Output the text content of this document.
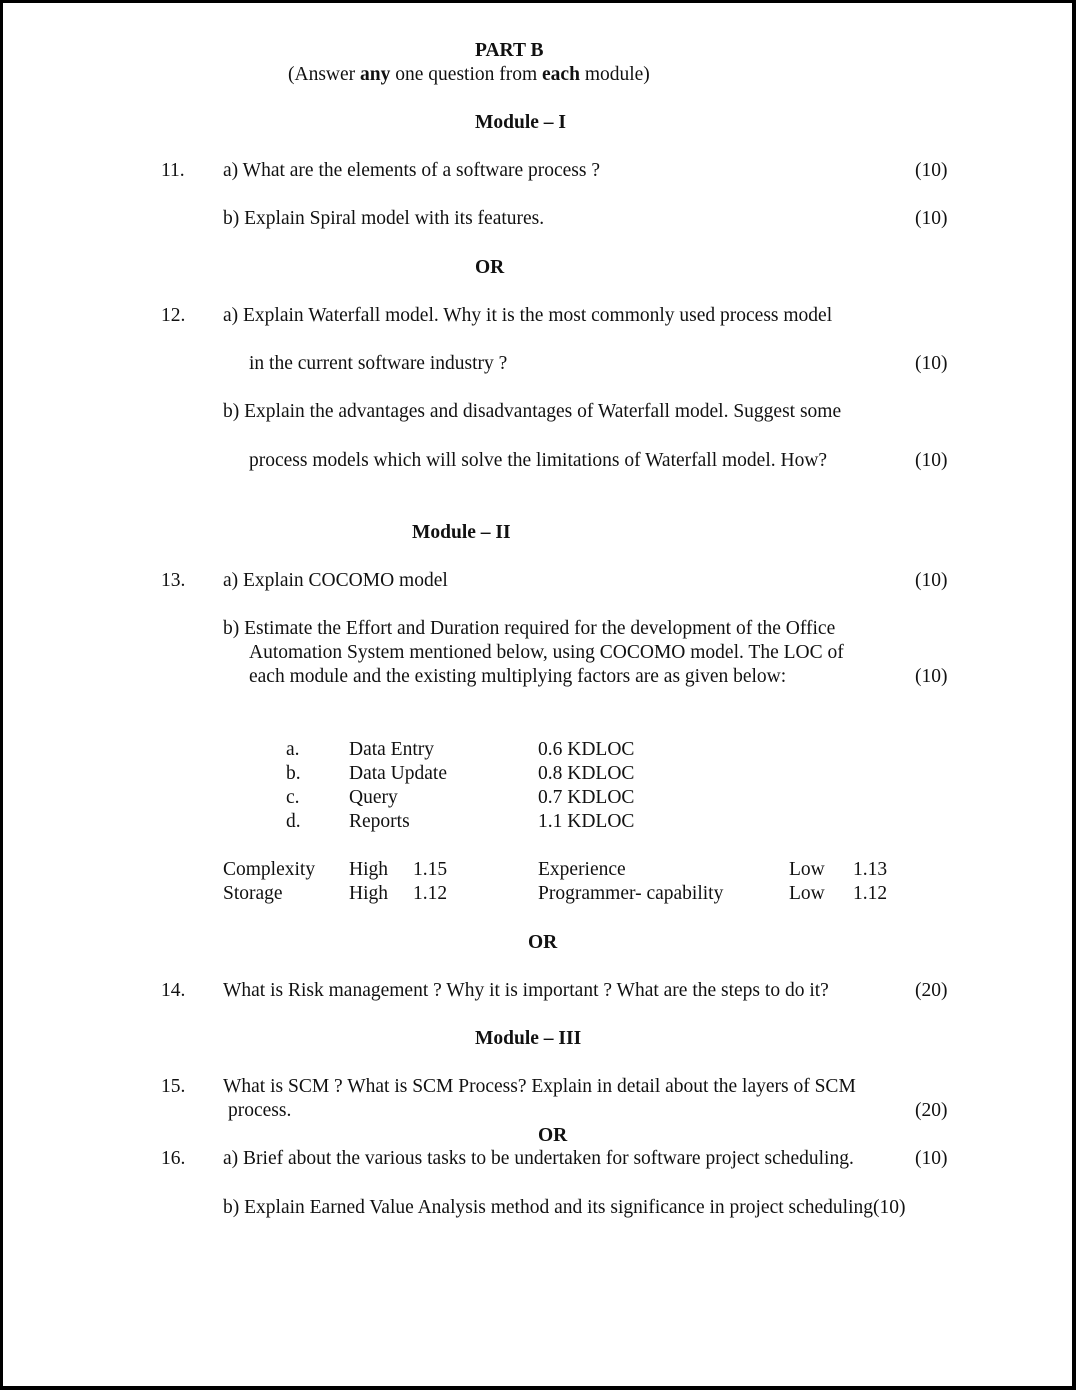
PART B
(Answer any one question from each module)
Module – I
11. a) What are the elements of a software process ?	(10)
b) Explain Spiral model with its features.	(10)
OR
12. a) Explain Waterfall model. Why it is the most commonly used process model
in the current software industry ?	(10)
b) Explain the advantages and disadvantages of Waterfall model. Suggest some
process models which will solve the limitations of Waterfall model. How?	(10)
Module – II
13. a) Explain COCOMO model	(10)
b) Estimate the Effort and Duration required for the development of the Office
Automation System mentioned below, using COCOMO model. The LOC of
each module and the existing multiplying factors are as given below:	(10)
a.	Data Entry	0.6 KDLOC
b. Data Update	0.8 KDLOC
c.	Query	0.7 KDLOC
d. Reports	1.1 KDLOC
Complexity High 1.15	Experience	Low 1.13
Storage	High 1.12	Programmer- capability	Low 1.12
OR
14. What is Risk management ? Why it is important ? What are the steps to do it?	(20)
Module – III
15. What is SCM ? What is SCM Process? Explain in detail about the layers of SCM
process.	(20)
OR
16. a) Brief about the various tasks to be undertaken for software project scheduling.	(10)
b) Explain Earned Value Analysis method and its significance in project scheduling(10)
